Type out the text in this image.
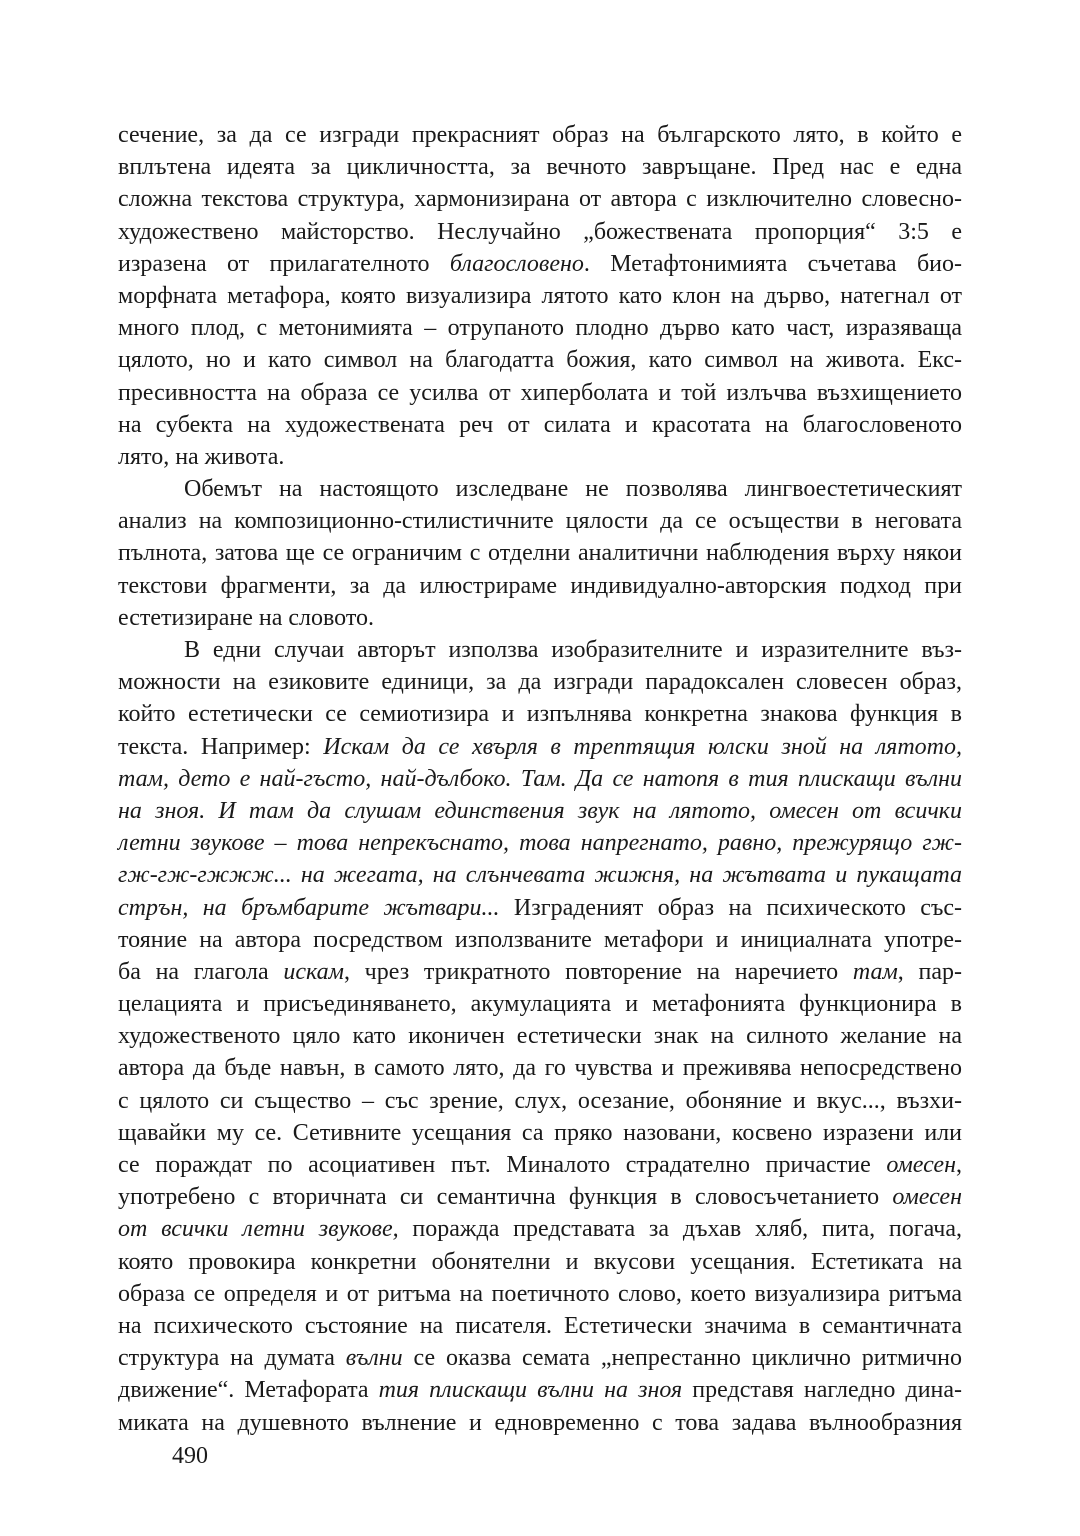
сечение, за да се изгради прекрасният образ на българското лято, в който е
вплътена идеята за цикличността, за вечното завръщане. Пред нас е една
сложна текстова структура, хармонизирана от автора с изключително словесно-
художествено майсторство. Неслучайно „божествената пропорция“ 3:5 е
изразена от прилагателното благословено. Метафтонимията съчетава био-
морфната метафора, която визуализира лятото като клон на дърво, натегнал от
много плод, с метонимията – отрупаното плодно дърво като част, изразяваща
цялото, но и като символ на благодатта божия, като символ на живота. Екс-
пресивността на образа се усилва от хиперболата и той излъчва възхищението
на субекта на художествената реч от силата и красотата на благословеното
лято, на живота.
Обемът на настоящото изследване не позволява лингвоестетическият
анализ на композиционно-стилистичните цялости да се осъществи в неговата
пълнота, затова ще се ограничим с отделни аналитични наблюдения върху някои
текстови фрагменти, за да илюстрираме индивидуално-авторския подход при
естетизиране на словото.
В едни случаи авторът използва изобразителните и изразителните въз-
можности на езиковите единици, за да изгради парадоксален словесен образ,
който естетически се семиотизира и изпълнява конкретна знакова функция в
текста. Например: Искам да се хвърля в трептящия юлски зной на лятото,
там, дето е най-гъсто, най-дълбоко. Там. Да се натопя в тия плискащи вълни
на зноя. И там да слушам единствения звук на лятото, омесен от всички
летни звукове – това непрекъснато, това напрегнато, равно, прежурящо гж-
гж-гж-гжжж... на жегата, на слънчевата жижня, на жътвата и пукащата
стрън, на бръмбарите жътвари... Изграденият образ на психическото със-
тояние на автора посредством използваните метафори и инициалната употре-
ба на глагола искам, чрез трикратното повторение на наречието там, пар-
целацията и присъединяването, акумулацията и метафонията функционира в
художественото цяло като иконичен естетически знак на силното желание на
автора да бъде навън, в самото лято, да го чувства и преживява непосредствено
с цялото си същество – със зрение, слух, осезание, обоняние и вкус..., възхи-
щавайки му се. Сетивните усещания са пряко назовани, косвено изразени или
се пораждат по асоциативен път. Миналото страдателно причастие омесен,
употребено с вторичната си семантична функция в словосъчетанието омесен
от всички летни звукове, поражда представата за дъхав хляб, пита, погача,
която провокира конкретни обонятелни и вкусови усещания. Естетиката на
образа се определя и от ритъма на поетичното слово, което визуализира ритъма
на психическото състояние на писателя. Естетически значима в семантичната
структура на думата вълни се оказва семата „непрестанно циклично ритмично
движение“. Метафората тия плискащи вълни на зноя представя нагледно дина-
миката на душевното вълнение и едновременно с това задава вълнообразния
490
